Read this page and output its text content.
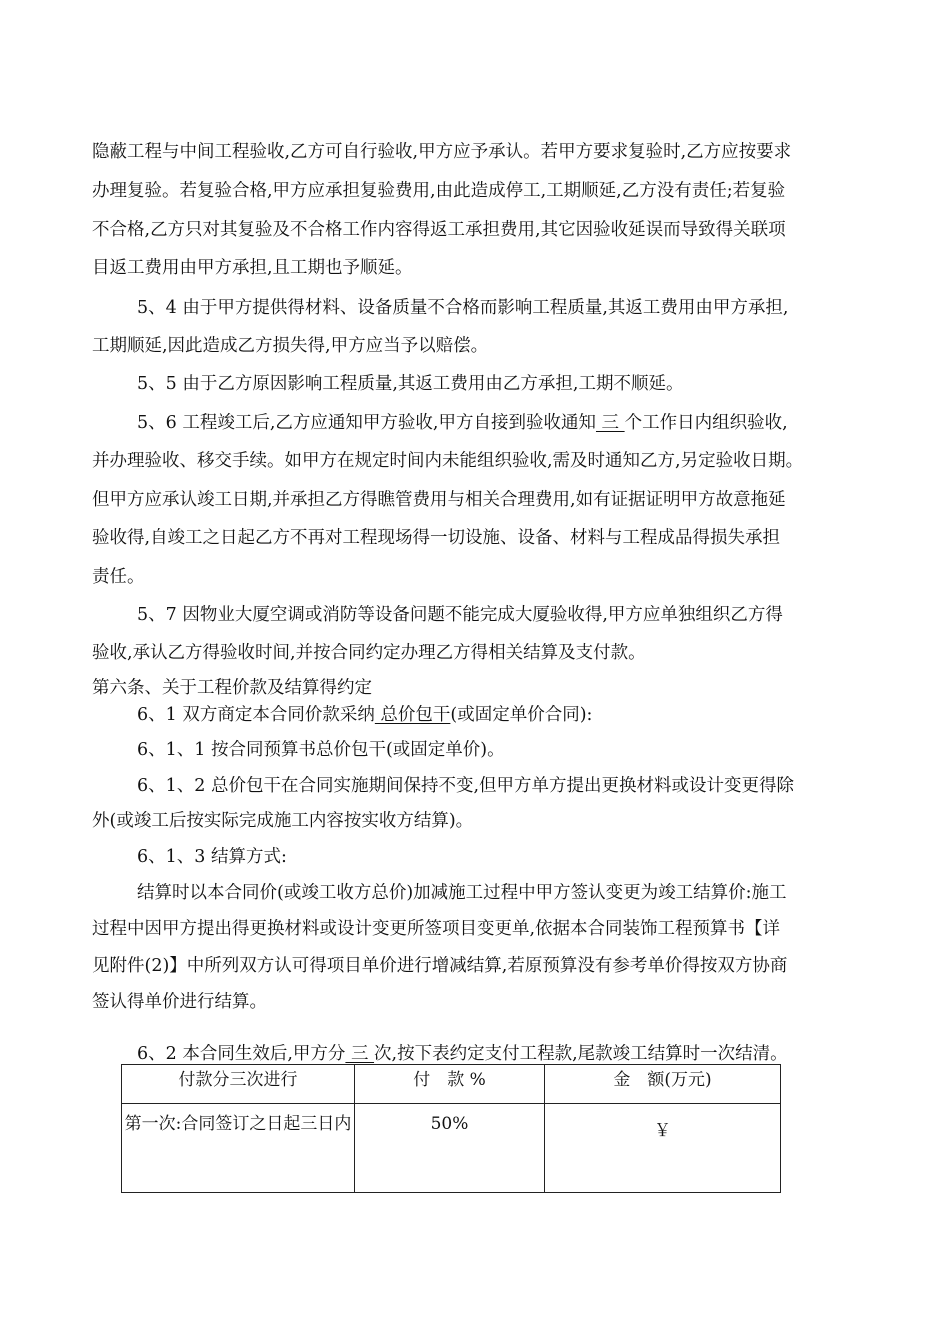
隐蔽工程与中间工程验收,乙方可自行验收,甲方应予承认。若甲方要求复验时,乙方应按要求
办理复验。若复验合格,甲方应承担复验费用,由此造成停工,工期顺延,乙方没有责任;若复验
不合格,乙方只对其复验及不合格工作内容得返工承担费用,其它因验收延误而导致得关联项
目返工费用由甲方承担,且工期也予顺延。
5、4 由于甲方提供得材料、设备质量不合格而影响工程质量,其返工费用由甲方承担,
工期顺延,因此造成乙方损失得,甲方应当予以赔偿。
5、5 由于乙方原因影响工程质量,其返工费用由乙方承担,工期不顺延。
5、6 工程竣工后,乙方应通知甲方验收,甲方自接到验收通知 三 个工作日内组织验收,
并办理验收、移交手续。如甲方在规定时间内未能组织验收,需及时通知乙方,另定验收日期。
但甲方应承认竣工日期,并承担乙方得瞧管费用与相关合理费用,如有证据证明甲方故意拖延
验收得,自竣工之日起乙方不再对工程现场得一切设施、设备、材料与工程成品得损失承担
责任。
5、7 因物业大厦空调或消防等设备问题不能完成大厦验收得,甲方应单独组织乙方得
验收,承认乙方得验收时间,并按合同约定办理乙方得相关结算及支付款。
第六条、关于工程价款及结算得约定
6、1 双方商定本合同价款采纳 总价包干(或固定单价合同):
6、1、1 按合同预算书总价包干(或固定单价)。
6、1、2 总价包干在合同实施期间保持不变,但甲方单方提出更换材料或设计变更得除
外(或竣工后按实际完成施工内容按实收方结算)。
6、1、3 结算方式:
结算时以本合同价(或竣工收方总价)加减施工过程中甲方签认变更为竣工结算价:施工
过程中因甲方提出得更换材料或设计变更所签项目变更单,依据本合同装饰工程预算书【详
见附件(2)】中所列双方认可得项目单价进行增减结算,若原预算没有参考单价得按双方协商
签认得单价进行结算。
6、2 本合同生效后,甲方分 三 次,按下表约定支付工程款,尾款竣工结算时一次结清。
付款分三次进行	付　款 %	金　额(万元)
第一次:合同签订之日起三日内	50%	￥
